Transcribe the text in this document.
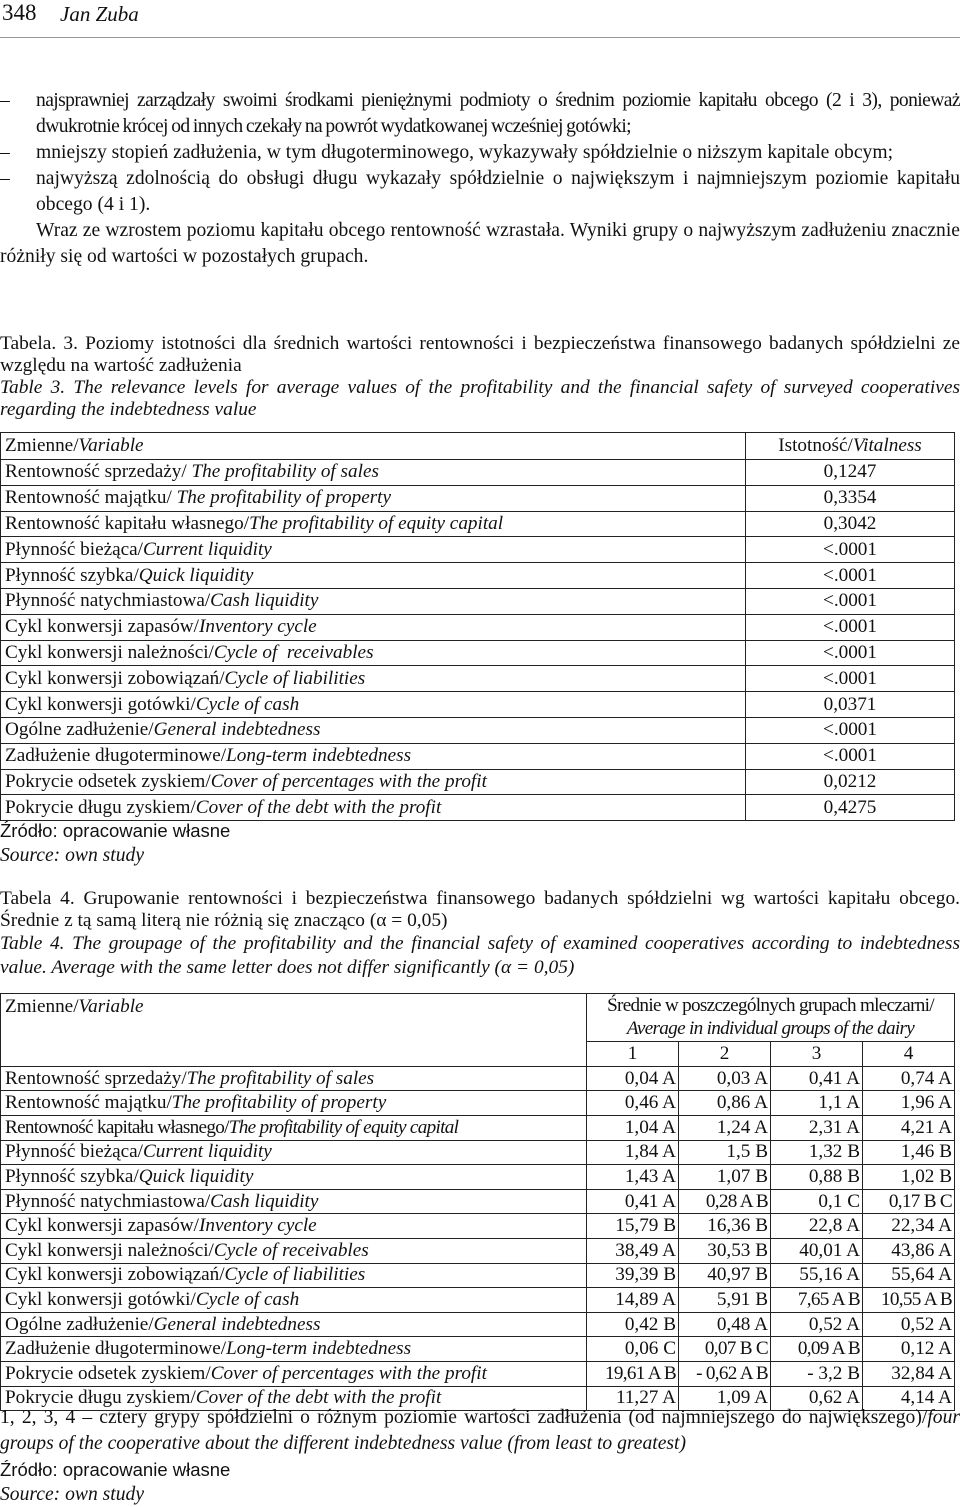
348 Jan Zuba

– najsprawniej zarządzały swoimi środkami pieniężnymi podmioty o średnim poziomie kapitału obcego (2 i 3), ponieważ dwukrotnie krócej od innych czekały na powrót wydatkowanej wcześniej gotówki;

– mniejszy stopień zadłużenia, w tym długoterminowego, wykazywały spółdzielnie o niższym kapitale obcym;

– najwyższą zdolnością do obsługi długu wykazały spółdzielnie o największym i najmniejszym poziomie kapitału obcego (4 i 1).

Wraz ze wzrostem poziomu kapitału obcego rentowność wzrastała. Wyniki grupy o najwyższym zadłużeniu znacznie różniły się od wartości w pozostałych grupach.

Tabela. 3. Poziomy istotności dla średnich wartości rentowności i bezpieczeństwa finansowego badanych spółdzielni ze względu na wartość zadłużenia

Table 3. The relevance levels for average values of the profitability and the financial safety of surveyed cooperatives regarding the indebtedness value

Zmienne/Variable	Istotność/Vitalness
Rentowność sprzedaży/ The profitability of sales	0,1247
Rentowność majątku/ The profitability of property	0,3354
Rentowność kapitału własnego/The profitability of equity capital	0,3042
Płynność bieżąca/Current liquidity	<.0001
Płynność szybka/Quick liquidity	<.0001
Płynność natychmiastowa/Cash liquidity	<.0001
Cykl konwersji zapasów/Inventory cycle	<.0001
Cykl konwersji należności/Cycle of  receivables	<.0001
Cykl konwersji zobowiązań/Cycle of liabilities	<.0001
Cykl konwersji gotówki/Cycle of cash	0,0371
Ogólne zadłużenie/General indebtedness	<.0001
Zadłużenie długoterminowe/Long-term indebtedness	<.0001
Pokrycie odsetek zyskiem/Cover of percentages with the profit	0,0212
Pokrycie długu zyskiem/Cover of the debt with the profit	0,4275
Źródło: opracowanie własne
Source: own study

Tabela 4. Grupowanie rentowności i bezpieczeństwa finansowego badanych spółdzielni wg wartości kapitału obcego. Średnie z tą samą literą nie różnią się znacząco (α = 0,05)

Table 4. The groupage of the profitability and the financial safety of examined cooperatives according to indebtedness value. Average with the same letter does not differ significantly (α = 0,05)

Zmienne/Variable	Średnie w poszczególnych grupach mleczarni/			
	Average in individual groups of the dairy			
	1	2	3	4
Rentowność sprzedaży/The profitability of sales	0,04 A	0,03 A	0,41 A	0,74 A
Rentowność majątku/The profitability of property	0,46 A	0,86 A	1,1 A	1,96 A
Rentowność kapitału własnego/The profitability of equity capital	1,04 A	1,24 A	2,31 A	4,21 A
Płynność bieżąca/Current liquidity	1,84 A	1,5 B	1,32 B	1,46 B
Płynność szybka/Quick liquidity	1,43 A	1,07 B	0,88 B	1,02 B
Płynność natychmiastowa/Cash liquidity	0,41 A	0,28 A B	0,1 C	0,17 B C
Cykl konwersji zapasów/Inventory cycle	15,79 B	16,36 B	22,8 A	22,34 A
Cykl konwersji należności/Cycle of receivables	38,49 A	30,53 B	40,01 A	43,86 A
Cykl konwersji zobowiązań/Cycle of liabilities	39,39 B	40,97 B	55,16 A	55,64 A
Cykl konwersji gotówki/Cycle of cash	14,89 A	5,91 B	7,65 A B	10,55 A B
Ogólne zadłużenie/General indebtedness	0,42 B	0,48 A	0,52 A	0,52 A
Zadłużenie długoterminowe/Long-term indebtedness	0,06 C	0,07 B C	0,09 A B	0,12 A
Pokrycie odsetek zyskiem/Cover of percentages with the profit	19,61 A B	- 0,62 A B	- 3,2 B	32,84 A
Pokrycie długu zyskiem/Cover of the debt with the profit	11,27 A	1,09 A	0,62 A	4,14 A
1, 2, 3, 4 – cztery grypy spółdzielni o różnym poziomie wartości zadłużenia (od najmniejszego do największego)/four groups of the cooperative about the different indebtedness value (from least to greatest)
Źródło: opracowanie własne
Source: own study
